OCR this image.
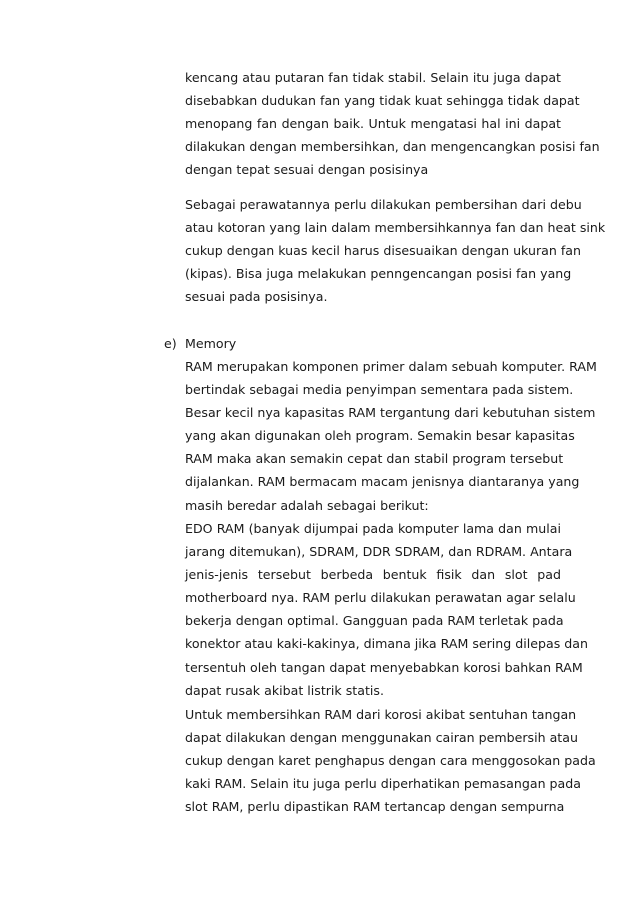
kencang atau putaran fan tidak stabil. Selain itu juga dapat
disebabkan dudukan fan yang tidak kuat sehingga tidak dapat
menopang fan dengan baik. Untuk mengatasi hal ini dapat
dilakukan dengan membersihkan, dan mengencangkan posisi fan
dengan tepat sesuai dengan posisinya

Sebagai perawatannya perlu dilakukan pembersihan dari debu
atau kotoran yang lain dalam membersihkannya fan dan heat sink
cukup dengan kuas kecil harus disesuaikan dengan ukuran fan
(kipas). Bisa juga melakukan penngencangan posisi fan yang
sesuai pada posisinya.

e) Memory

RAM merupakan komponen primer dalam sebuah komputer. RAM
bertindak sebagai media penyimpan sementara pada sistem.
Besar kecil nya kapasitas RAM tergantung dari kebutuhan sistem
yang akan digunakan oleh program. Semakin besar kapasitas
RAM maka akan semakin cepat dan stabil program tersebut
dijalankan. RAM bermacam macam jenisnya diantaranya yang
masih beredar adalah sebagai berikut:

EDO RAM (banyak dijumpai pada komputer lama dan mulai
jarang ditemukan), SDRAM, DDR SDRAM, dan RDRAM. Antara
jenis-jenis tersebut berbeda bentuk fisik dan slot pad
motherboard nya. RAM perlu dilakukan perawatan agar selalu
bekerja dengan optimal. Gangguan pada RAM terletak pada
konektor atau kaki-kakinya, dimana jika RAM sering dilepas dan
tersentuh oleh tangan dapat menyebabkan korosi bahkan RAM
dapat rusak akibat listrik statis.

Untuk membersihkan RAM dari korosi akibat sentuhan tangan
dapat dilakukan dengan menggunakan cairan pembersih atau
cukup dengan karet penghapus dengan cara menggosokan pada
kaki RAM. Selain itu juga perlu diperhatikan pemasangan pada
slot RAM, perlu dipastikan RAM tertancap dengan sempurna
